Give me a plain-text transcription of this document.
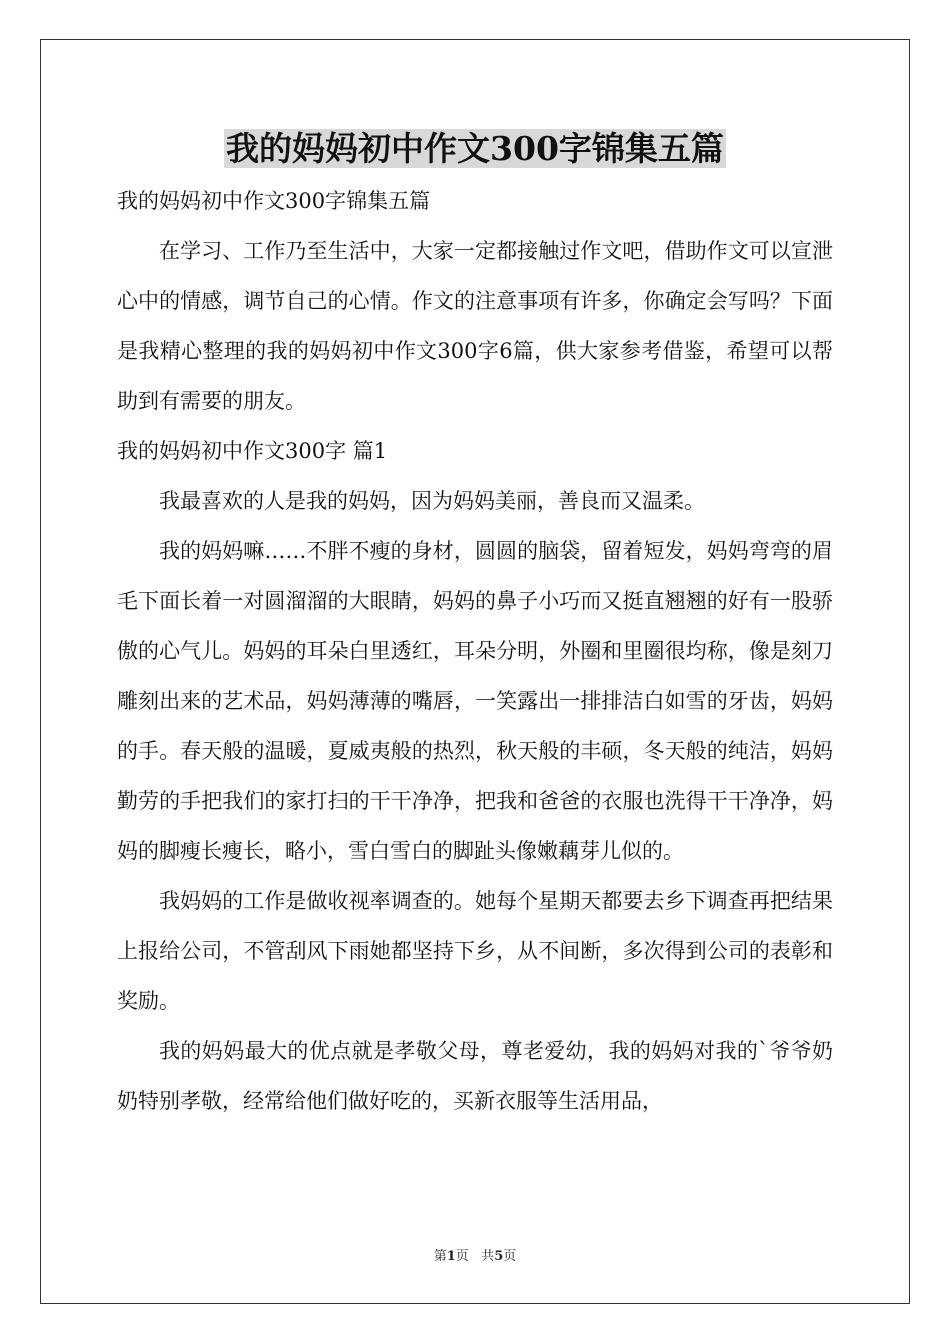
我的妈妈初中作文300字锦集五篇

我的妈妈初中作文300字锦集五篇

在学习、工作乃至生活中，大家一定都接触过作文吧，借助作文可以宣泄心中的情感，调节自己的心情。作文的注意事项有许多，你确定会写吗？下面是我精心整理的我的妈妈初中作文300字6篇，供大家参考借鉴，希望可以帮助到有需要的朋友。

我的妈妈初中作文300字 篇1

我最喜欢的人是我的妈妈，因为妈妈美丽，善良而又温柔。

我的妈妈嘛……不胖不瘦的身材，圆圆的脑袋，留着短发，妈妈弯弯的眉毛下面长着一对圆溜溜的大眼睛，妈妈的鼻子小巧而又挺直翘翘的好有一股骄傲的心气儿。妈妈的耳朵白里透红，耳朵分明，外圈和里圈很均称，像是刻刀雕刻出来的艺术品，妈妈薄薄的嘴唇，一笑露出一排排洁白如雪的牙齿，妈妈的手。春天般的温暖，夏威夷般的热烈，秋天般的丰硕，冬天般的纯洁，妈妈勤劳的手把我们的家打扫的干干净净，把我和爸爸的衣服也洗得干干净净，妈妈的脚瘦长瘦长，略小，雪白雪白的脚趾头像嫩藕芽儿似的。

我妈妈的工作是做收视率调查的。她每个星期天都要去乡下调查再把结果上报给公司，不管刮风下雨她都坚持下乡，从不间断，多次得到公司的表彰和奖励。

我的妈妈最大的优点就是孝敬父母，尊老爱幼，我的妈妈对我的`爷爷奶奶特别孝敬，经常给他们做好吃的，买新衣服等生活用品，

第1页 共5页
